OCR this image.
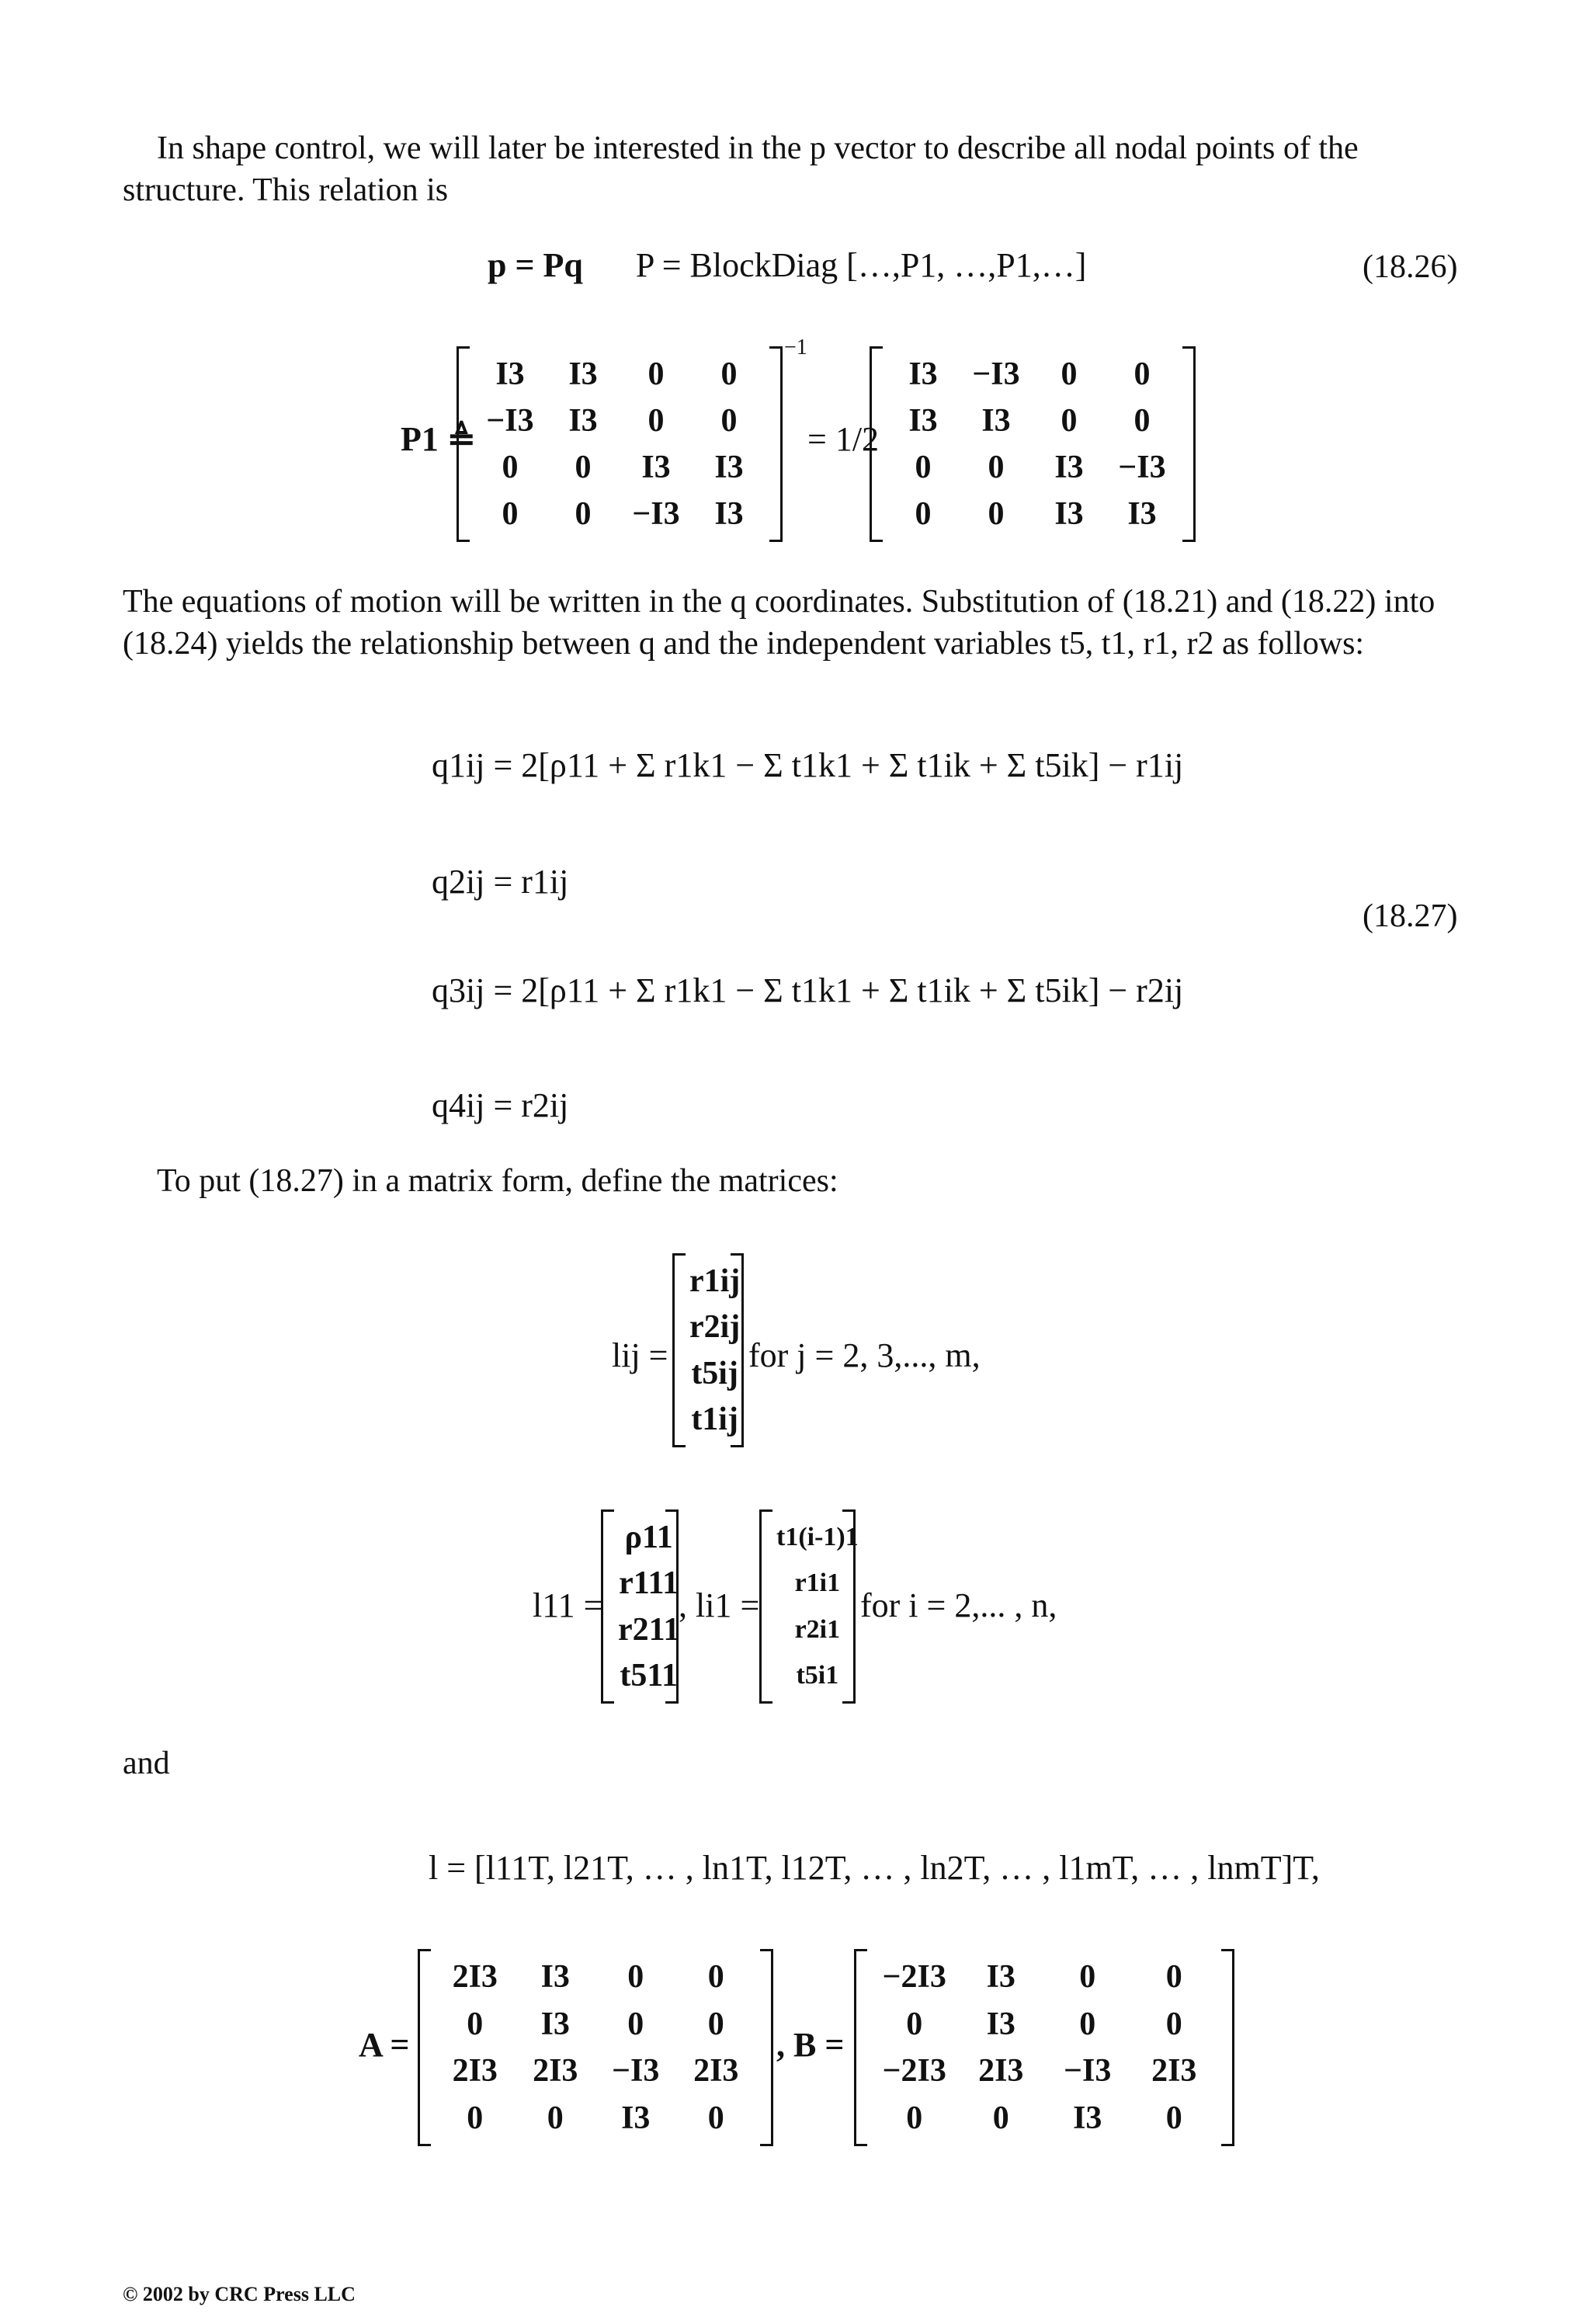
In shape control, we will later be interested in the p vector to describe all nodal points of the structure. This relation is
p = Pq P = BlockDiag […,P1, …,P1,…]	(18.26)
P1 ≜
I3 I3 0 0
−I3 I3 0 0
0 0 I3 I3
0 0 −I3 I3
−1
= 1/2
I3 −I3 0 0
I3 I3 0 0
0 0 I3 −I3
0 0 I3 I3
The equations of motion will be written in the q coordinates. Substitution of (18.21) and (18.22) into (18.24) yields the relationship between q and the independent variables t5, t1, r1, r2 as follows:
q1ij = 2[ρ11 + Σ r1k1 − Σ t1k1 + Σ t1ik + Σ t5ik] − r1ij
q2ij = r1ij
(18.27)
q3ij = 2[ρ11 + Σ r1k1 − Σ t1k1 + Σ t1ik + Σ t5ik] − r2ij
q4ij = r2ij
To put (18.27) in a matrix form, define the matrices:
lij =
r1ij
r2ij
t5ij
t1ij
for j = 2, 3,..., m,
l11 =
ρ11
r111
r211
t511
, li1 =
t1(i-1)1
r1i1
r2i1
t5i1
for i = 2,... , n,
and
l = [l11T, l21T, … , ln1T, l12T, … , ln2T, … , l1mT, … , lnmT]T,
A =
2I3 I3 0 0
0 I3 0 0
2I3 2I3 −I3 2I3
0 0 I3 0
, B =
−2I3 I3 0 0
0 I3 0 0
−2I3 2I3 −I3 2I3
0 0 I3 0
© 2002 by CRC Press LLC
